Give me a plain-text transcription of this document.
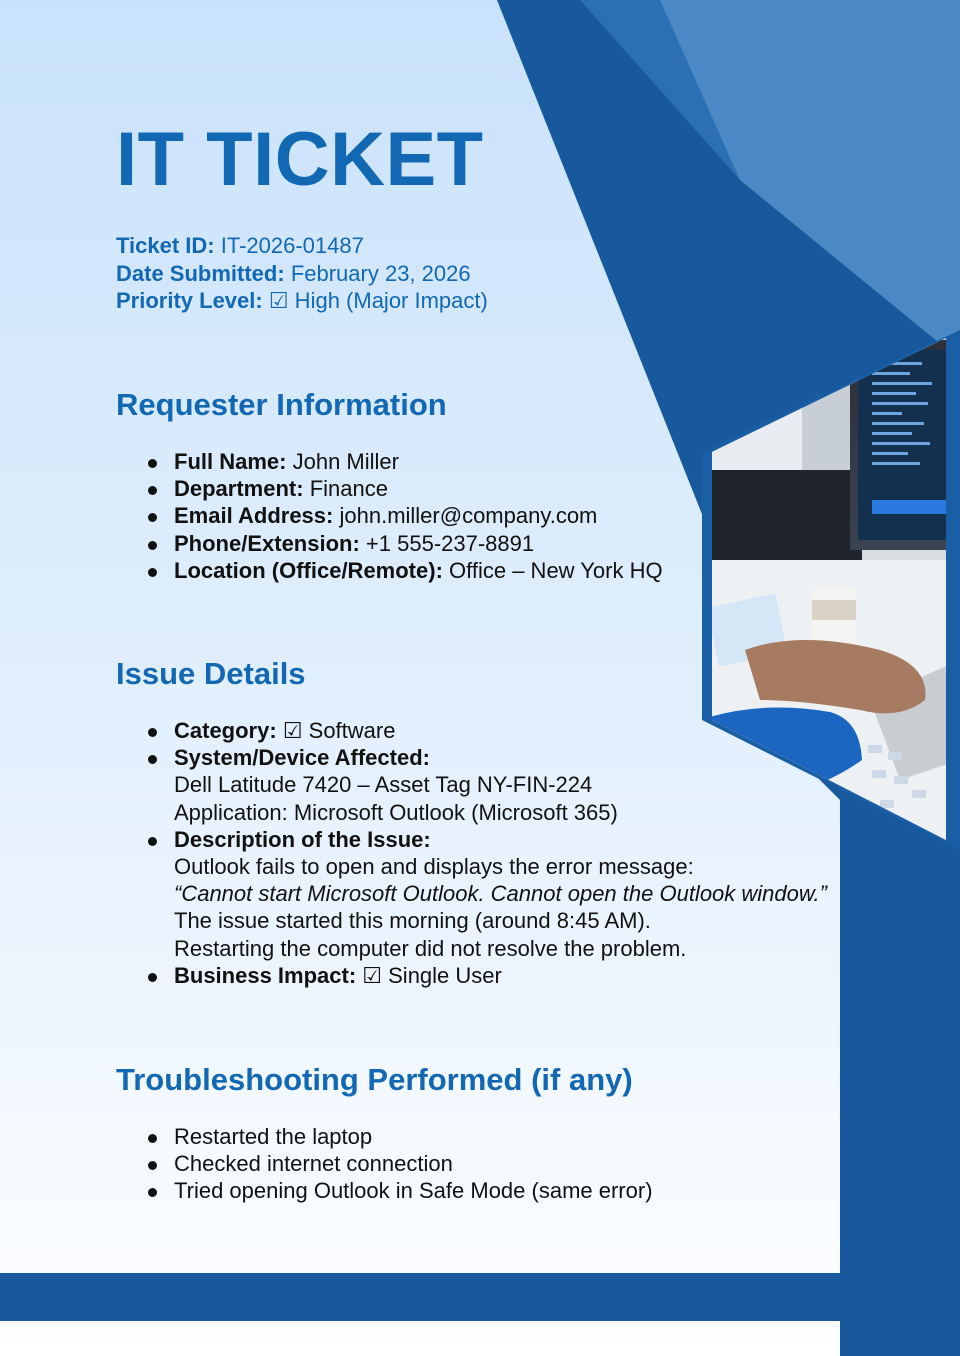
IT TICKET
Ticket ID: IT-2026-01487
Date Submitted: February 23, 2026
Priority Level: ☑ High (Major Impact)
Requester Information
Full Name: John Miller
Department: Finance
Email Address: john.miller@company.com
Phone/Extension: +1 555-237-8891
Location (Office/Remote): Office – New York HQ
Issue Details
Category: ☑ Software
System/Device Affected:
Dell Latitude 7420 – Asset Tag NY-FIN-224
Application: Microsoft Outlook (Microsoft 365)
Description of the Issue:
Outlook fails to open and displays the error message:
“Cannot start Microsoft Outlook. Cannot open the Outlook window.”
The issue started this morning (around 8:45 AM).
Restarting the computer did not resolve the problem.
Business Impact: ☑ Single User
Troubleshooting Performed (if any)
Restarted the laptop
Checked internet connection
Tried opening Outlook in Safe Mode (same error)
